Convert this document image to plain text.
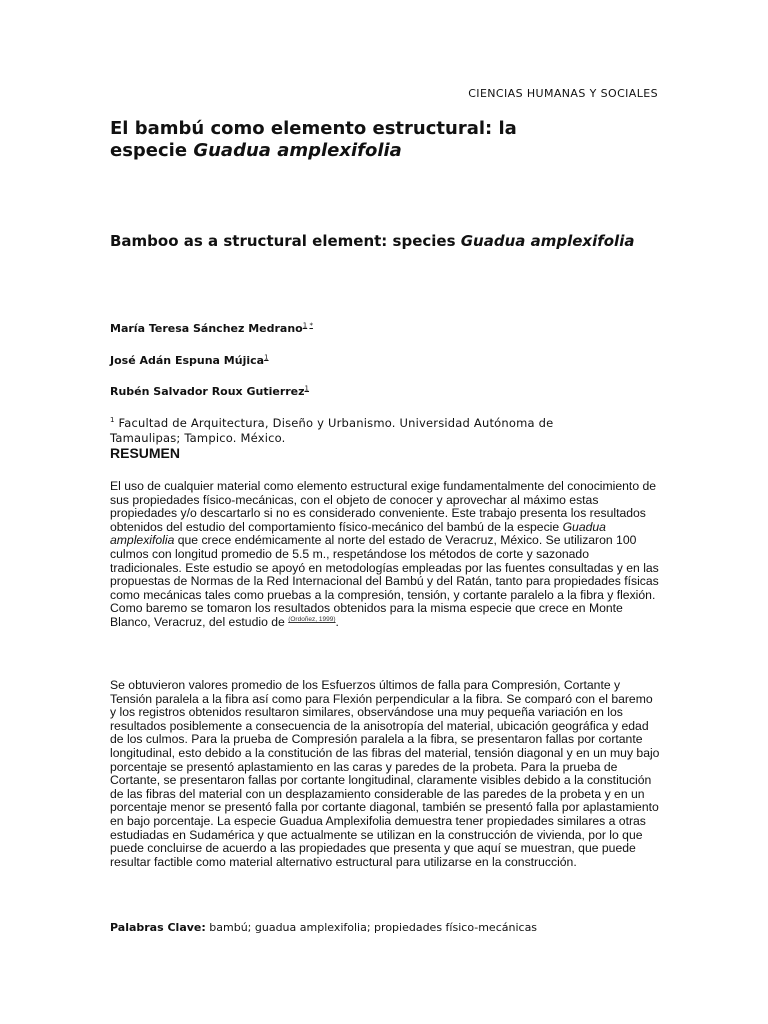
CIENCIAS HUMANAS Y SOCIALES
El bambú como elemento estructural: la
especie Guadua amplexifolia
Bamboo as a structural element: species Guadua amplexifolia
María Teresa Sánchez Medrano$^{1 *}$
José Adán Espuna Mújica$^1$
Rubén Salvador Roux Gutierrez$^1$
$^1$ Facultad de Arquitectura, Diseño y Urbanismo. Universidad Autónoma de Tamaulipas; Tampico. México.
RESUMEN

El uso de cualquier material como elemento estructural exige fundamentalmente del conocimiento de sus propiedades físico-mecánicas, con el objeto de conocer y aprovechar al máximo estas propiedades y/o descartarlo si no es considerado conveniente. Este trabajo presenta los resultados obtenidos del estudio del comportamiento físico-mecánico del bambú de la especie Guadua amplexifolia que crece endémicamente al norte del estado de Veracruz, México. Se utilizaron 100 culmos con longitud promedio de 5.5 m., respetándose los métodos de corte y sazonado tradicionales. Este estudio se apoyó en metodologías empleadas por las fuentes consultadas y en las propuestas de Normas de la Red Internacional del Bambú y del Ratán, tanto para propiedades físicas como mecánicas tales como pruebas a la compresión, tensión, y cortante paralelo a la fibra y flexión. Como baremo se tomaron los resultados obtenidos para la misma especie que crece en Monte Blanco, Veracruz, del estudio de $^{(Ordoñez, 1999)}$.

Se obtuvieron valores promedio de los Esfuerzos últimos de falla para Compresión, Cortante y Tensión paralela a la fibra así como para Flexión perpendicular a la fibra. Se comparó con el baremo y los registros obtenidos resultaron similares, observándose una muy pequeña variación en los resultados posiblemente a consecuencia de la anisotropía del material, ubicación geográfica y edad de los culmos. Para la prueba de Compresión paralela a la fibra, se presentaron fallas por cortante longitudinal, esto debido a la constitución de las fibras del material, tensión diagonal y en un muy bajo porcentaje se presentó aplastamiento en las caras y paredes de la probeta. Para la prueba de Cortante, se presentaron fallas por cortante longitudinal, claramente visibles debido a la constitución de las fibras del material con un desplazamiento considerable de las paredes de la probeta y en un porcentaje menor se presentó falla por cortante diagonal, también se presentó falla por aplastamiento en bajo porcentaje. La especie Guadua Amplexifolia demuestra tener propiedades similares a otras estudiadas en Sudamérica y que actualmente se utilizan en la construcción de vivienda, por lo que puede concluirse de acuerdo a las propiedades que presenta y que aquí se muestran, que puede resultar factible como material alternativo estructural para utilizarse en la construcción.

Palabras Clave: bambú; guadua amplexifolia; propiedades físico-mecánicas
